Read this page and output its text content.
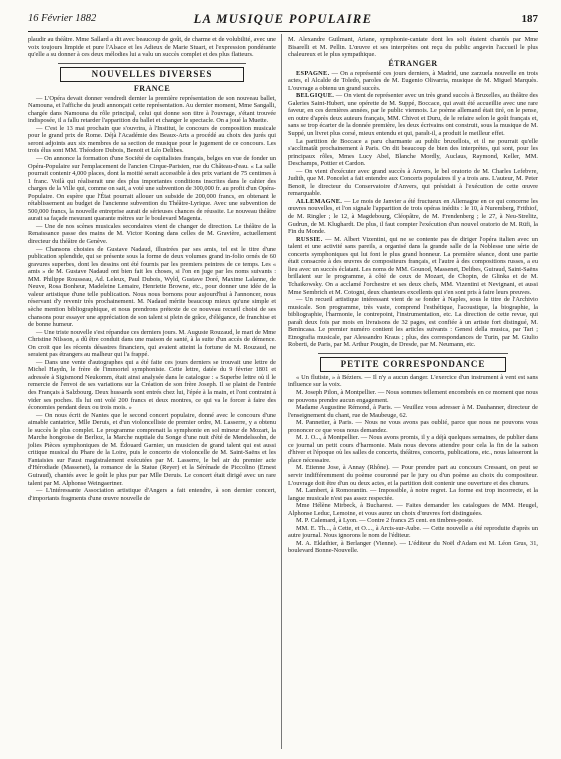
16 Février 1882	LA MUSIQUE POPULAIRE	187

plaudir au théâtre. Mme Sallard a dit avec beaucoup de goût, de charme et de volubilité, avec une voix toujours limpide et pure l'Alsace et les Adieux de Marie Stuart, et l'expression pondérante qu'elle a su donner à ces deux mélodies lui a valu un succès complet et des plus flatteurs.

NOUVELLES DIVERSES
FRANCE

— L'Opéra devait donner vendredi dernier la première représentation de son nouveau ballet, Namouna, et l'affiche du jeudi annonçait cette représentation. Au dernier moment, Mme Sangalli, chargée dans Namouna du rôle principal, celui qui donne son titre à l'ouvrage, s'étant trouvée indisposée, il a fallu retarder l'apparition du ballet et changer le spectacle. On a joué la Muette.

— C'est le 13 mai prochain que s'ouvrira, à l'Institut, le concours de composition musicale pour le grand prix de Rome. Déjà l'Académie des Beaux-Arts a procédé au choix des jurés qui seront adjoints aux six membres de sa section de musique pour le jugement de ce concours. Les trois élus sont MM. Théodore Dubois, Benoit et Léo Delibes.

— On annonce la formation d'une Société de capitalistes français, belges en vue de fonder un Opéra-Populaire sur l'emplacement de l'ancien Cirque-Parisien, rue du Château-d'eau. « La salle pourrait contenir 4,000 places, dont la moitié serait accessible à des prix variant de 75 centimes à 1 franc. Voilà qui réaliserait une des plus importantes conditions inscrites dans le cahier des charges de la Ville qui, comme on sait, a voté une subvention de 300,000 fr. au profit d'un Opéra-Populaire. On espère que l'État pourrait allouer un subside de 200,000 francs, en obtenant le rétablissement au budget de l'ancienne subvention du Théâtre-Lyrique. Avec une subvention de 500,000 francs, la nouvelle entreprise aurait de sérieuses chances de réussite. Le nouveau théâtre aurait sa façade mesurant quarante mètres sur le boulevard Magenta.

— Une de nos scènes musicales secondaires vient de changer de direction. Le théâtre de la Renaissance passe des mains de M. Victor Koning dans celles de M. Gravière, actuellement directeur du théâtre de Genève.

— Chansons choisies de Gustave Nadaud, illustrées par ses amis, tel est le titre d'une publication splendide, qui se présente sous la forme de deux volumes grand in-folio ornés de 60 gravures superbes, dont les dessins ont été fournis par les premiers peintres de ce temps. Les « amis » de M. Gustave Nadaud ont bien fait les choses, si l'on en juge par les noms suivants : MM. Philippe Rousseau, Ad. Leleux, Paul Dubois, Wyld, Gustave Doré, Maxime Lalanne, de Neuve, Rosa Bonheur, Madeleine Lemaire, Henriette Browne, etc., pour donner une idée de la valeur artistique d'une telle publication. Nous nous bornons pour aujourd'hui à l'annoncer, nous réservant d'y revenir très prochainement. M. Nadaud mérite beaucoup mieux qu'une simple et sèche mention bibliographique, et nous prendrons prétexte de ce nouveau recueil choisi de ses chansons pour essayer une appréciation de son talent si plein de grâce, d'élégance, de franchise et de bonne humeur.

— Une triste nouvelle s'est répandue ces derniers jours. M. Auguste Rouzaud, le mari de Mme Christine Nilsson, a dû être conduit dans une maison de santé, à la suite d'un accès de démence. On croit que les récents désastres financiers, qui avaient atteint la fortune de M. Rouzaud, ne seraient pas étrangers au malheur qui l'a frappé.

— Dans une vente d'autographes qui a été faite ces jours derniers se trouvait une lettre de Michel Haydn, le frère de l'immortel symphoniste. Cette lettre, datée du 9 février 1801 et adressée à Sigismond Neukomm, était ainsi analysée dans le catalogue : « Superbe lettre où il le remercie de l'envoi de ses variations sur la Création de son frère Joseph. Il se plaint de l'entrée des Français à Salzbourg. Deux hussards sont entrés chez lui, l'épée à la main, et l'ont contraint à vider ses poches. Ils lui ont volé 200 francs et deux montres, ce qui va le forcer à faire des économies pendant deux ou trois mois. »

— On nous écrit de Nantes que le second concert populaire, donné avec le concours d'une aimable cantatrice, Mlle Deruis, et d'un violoncelliste de premier ordre, M. Lasserre, y a obtenu le succès le plus complet. Le programme comprenait la symphonie en sol mineur de Mozart, la Marche hongroise de Berlioz, la Marche nuptiale du Songe d'une nuit d'été de Mendelssohn, de jolies Pièces symphoniques de M. Édouard Garnier, un musicien de grand talent qui est aussi critique musical du Phare de la Loire, puis le concerto de violoncelle de M. Saint-Saëns et les Fantaisies sur Faust magistralement exécutées par M. Lasserre, le bel air du premier acte d'Hérodiade (Massenet), la romance de la Statue (Reyer) et la Sérénade de Piccolino (Ernest Guiraud), chantés avec le goût le plus pur par Mlle Deruis. Le concert était dirigé avec un rare talent par M. Alphonse Weingaertner.

— L'intéressante Association artistique d'Angers a fait entendre, à son dernier concert, d'importants fragments d'une œuvre nouvelle de

M. Alexandre Guilmant, Ariane, symphonie-cantate dont les soli étaient chantés par Mme Bisarelli et M. Pellin. L'œuvre et ses interprètes ont reçu du public angevin l'accueil le plus chaleureux et le plus sympathique.

ÉTRANGER

ESPAGNE. — On a représenté ces jours derniers, à Madrid, une zarzuela nouvelle en trois actes, el Alcalde de Toledo, paroles de M. Eugenio Olivarria, musique de M. Miguel Marquès. L'ouvrage a obtenu un grand succès.

BELGIQUE. — On vient de représenter avec un très grand succès à Bruxelles, au théâtre des Galeries Saint-Hubert, une opérette de M. Suppé, Boccace, qui avait été accueillie avec une rare faveur, en ces dernières années, par le public viennois. Le poème allemand était tiré, on le pense, en outre d'après deux auteurs français, MM. Chivot et Duru, de le refaire selon le goût français et, sans se trop écarter de la donnée première, les deux écrivains ont construit, sous la musique de M. Suppé, un livret plus corsé, mieux entendu et qui, paraît-il, a produit le meilleur effet.

La partition de Boccace a paru charmante au public bruxellois, et il ne pourrait qu'elle s'acclimatât prochainement à Paris. On dit beaucoup de bien des interprètes, qui sont, pour les principaux rôles, Mmes Lucy Abel, Blanche Mordly, Auclaus, Raymond, Keller, MM. Deschamps, Pottier et Cardon.

— On vient d'exécuter avec grand succès à Anvers, le bel oratorio de M. Charles Lefebvre, Judith, que M. Poncelet a fait entendre aux Concerts populaires il y a trois ans. L'auteur, M. Peter Benoit, le directeur du Conservatoire d'Anvers, qui présidait à l'exécution de cette œuvre remarquable.

ALLEMAGNE. — Le mois de Janvier a été fructueux en Allemagne en ce qui concerne les œuvres nouvelles, et l'on signale l'apparition de trois opéras inédits : le 10, à Nuremberg, Frithiof, de M. Ringler ; le 12, à Magdebourg, Cléopâtre, de M. Frendenberg ; le 27, à Neu-Strelitz, Gudrun, de M. Klughardt. De plus, il faut compter l'exécution d'un nouvel oratorio de M. Rüfi, la Fin du Monde.

RUSSIE. — M. Albert Vizentini, qui ne se contente pas de diriger l'opéra italien avec un talent et une activité sans pareils, a organisé dans la grande salle de la Noblesse une série de concerts symphoniques qui lui font le plus grand honneur. La première séance, dont une partie était consacrée à des œuvres de compositeurs français, et l'autre à des compositions russes, a eu lieu avec un succès éclatant. Les noms de MM. Gounod, Massenet, Delibes, Guiraud, Saint-Saëns brillaient sur le programme, à côté de ceux de Mozart, de Chopin, de Glinka et de M. Tchaikowsky. On a acclamé l'orchestre et ses deux chefs, MM. Vizentini et Nevignani, et aussi Mme Sembrich et M. Cotogni, deux chanteurs excellents qui s'en sont pris à faire leurs preuves.

— Un recueil artistique intéressant vient de se fonder à Naples, sous le titre de l'Archivio musicale. Son programme, très vaste, comprend l'esthétique, l'acoustique, la biographie, la bibliographie, l'harmonie, le contrepoint, l'instrumentation, etc. La direction de cette revue, qui paraît deux fois par mois en livraisons de 32 pages, est confiée à un artiste fort distingué, M. Benincasa. Le premier numéro contient les articles suivants : Genesi della musica, par Tari ; Etnografia musicale, par Alessandro Kraus ; plus, des correspondances de Turin, par M. Giulio Roberti, de Paris, par M. Arthur Pougin, de Dresde, par M. Neumann, etc.

PETITE CORRESPONDANCE

« Un flutiste, » à Béziers. — Il n'y a aucun danger. L'exercice d'un instrument à vent est sans influence sur la voix.

M. Joseph Pilon, à Montpellier. — Nous sommes tellement encombrés en ce moment que nous ne pouvons prendre aucun engagement.

Madame Augustine Rémond, à Paris. — Veuillez vous adresser à M. Dauhanner, directeur de l'enseignement du chant, rue de Maubeuge, 62.

M. Pannetier, à Paris. — Nous ne vous avons pas oublié, parce que nous ne pouvons vous prononcer ce que vous nous demandez.

M. J. O..., à Montpellier. — Nous avons promis, il y a déjà quelques semaines, de publier dans ce journal un petit cours d'harmonie. Mais nous devons attendre pour cela la fin de la saison d'hiver et l'époque où les salles de concerts, théâtres, concerts, publications, etc., nous laisseront la place nécessaire.

M. Etienne Jose, à Annay (Rhône). — Pour prendre part au concours Cressant, on peut se servir indifféremment du poème couronné par le jury ou d'un poème au choix du compositeur. L'ouvrage doit être d'un ou deux actes, et la partition doit contenir une ouverture et des chœurs.

M. Lambert, à Romorantin. — Impossible, à notre regret. La forme est trop incorrecte, et la langue musicale n'est pas assez respectée.

Mme Hélène Mirbeck, à Bucharest. — Faites demander les catalogues de MM. Heugel, Alphonse Leduc, Lemoine, et vous aurez un choix d'œuvres fort distinguées.

M. P. Calemard, à Lyon. — Contre 2 francs 25 cent. en timbres-poste.

MM. E. Th..., à Cette, et O...., à Arcis-sur-Aube. — Cette nouvelle a été reproduite d'après un autre journal. Nous ignorons le nom de l'éditeur.

M. A. Eklathier, à Berlanger (Vienne). — L'éditeur du Noël d'Adam est M. Léon Grus, 31, boulevard Bonne-Nouvelle.
